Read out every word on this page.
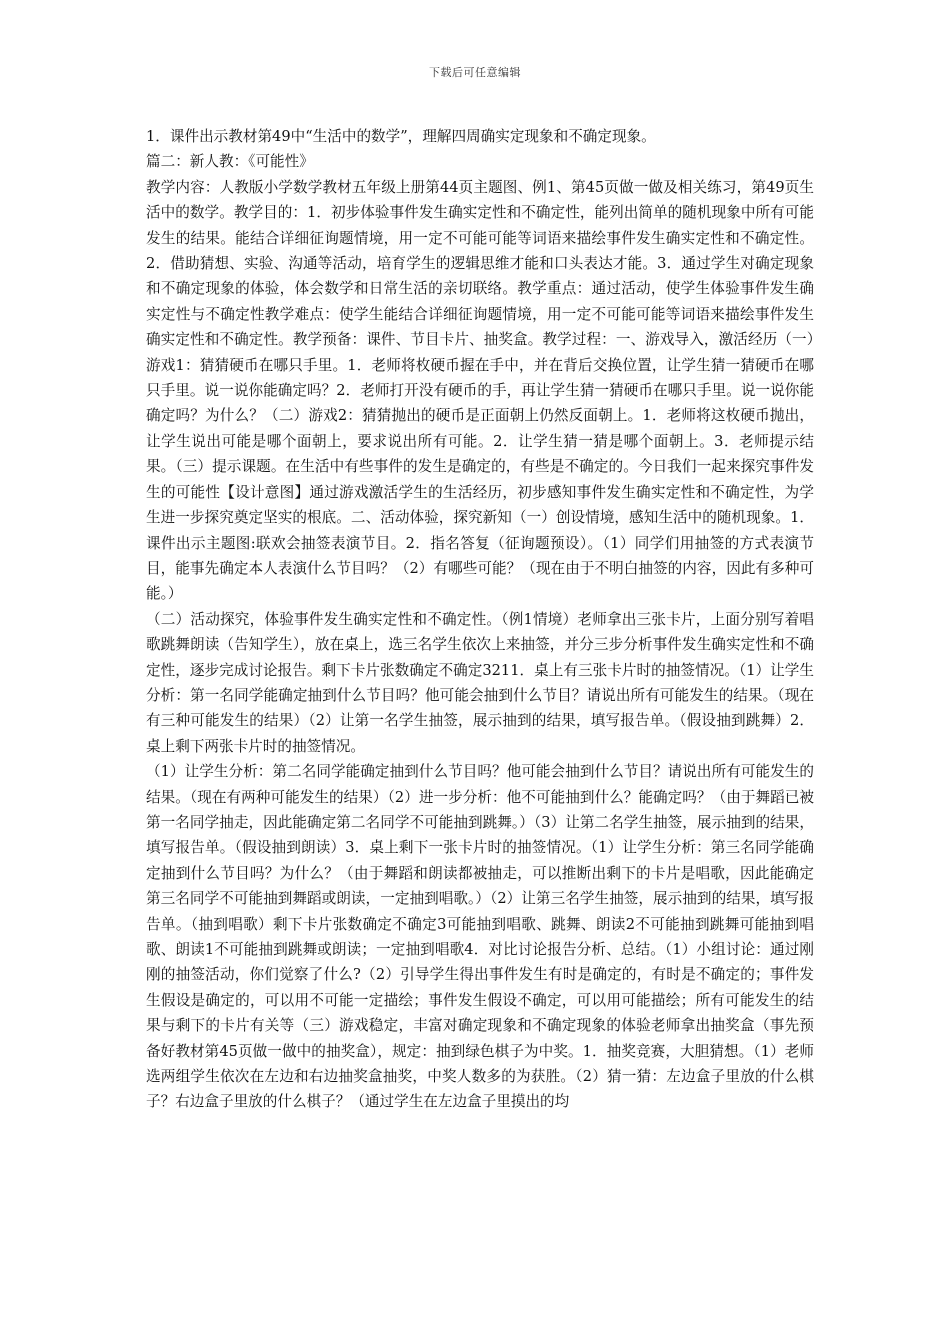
下载后可任意编辑

1．课件出示教材第49中“生活中的数学”，理解四周确实定现象和不确定现象。

篇二：新人教：《可能性》

教学内容：人教版小学数学教材五年级上册第44页主题图、例1、第45页做一做及相关练习，第49页生活中的数学。教学目的：1．初步体验事件发生确实定性和不确定性，能列出简单的随机现象中所有可能发生的结果。能结合详细征询题情境，用一定不可能可能等词语来描绘事件发生确实定性和不确定性。2．借助猜想、实验、沟通等活动，培育学生的逻辑思维才能和口头表达才能。3．通过学生对确定现象和不确定现象的体验，体会数学和日常生活的亲切联络。教学重点：通过活动，使学生体验事件发生确实定性与不确定性教学难点：使学生能结合详细征询题情境，用一定不可能可能等词语来描绘事件发生确实定性和不确定性。教学预备：课件、节目卡片、抽奖盒。教学过程：一、游戏导入，激活经历（一）游戏1：猜猜硬币在哪只手里。1．老师将枚硬币握在手中，并在背后交换位置，让学生猜一猜硬币在哪只手里。说一说你能确定吗？2．老师打开没有硬币的手，再让学生猜一猜硬币在哪只手里。说一说你能确定吗？为什么？（二）游戏2：猜猜抛出的硬币是正面朝上仍然反面朝上。1．老师将这枚硬币抛出，让学生说出可能是哪个面朝上，要求说出所有可能。2．让学生猜一猜是哪个面朝上。3．老师提示结果。（三）提示课题。在生活中有些事件的发生是确定的，有些是不确定的。今日我们一起来探究事件发生的可能性【设计意图】通过游戏激活学生的生活经历，初步感知事件发生确实定性和不确定性，为学生进一步探究奠定坚实的根底。二、活动体验，探究新知（一）创设情境，感知生活中的随机现象。1．课件出示主题图:联欢会抽签表演节目。2．指名答复（征询题预设）。（1）同学们用抽签的方式表演节目，能事先确定本人表演什么节目吗？（2）有哪些可能？（现在由于不明白抽签的内容，因此有多种可能。）

（二）活动探究，体验事件发生确实定性和不确定性。（例1情境）老师拿出三张卡片，上面分别写着唱歌跳舞朗读（告知学生），放在桌上，选三名学生依次上来抽签，并分三步分析事件发生确实定性和不确定性，逐步完成讨论报告。剩下卡片张数确定不确定3211．桌上有三张卡片时的抽签情况。（1）让学生分析：第一名同学能确定抽到什么节目吗？他可能会抽到什么节目？请说出所有可能发生的结果。（现在有三种可能发生的结果）（2）让第一名学生抽签，展示抽到的结果，填写报告单。（假设抽到跳舞）2．桌上剩下两张卡片时的抽签情况。

（1）让学生分析：第二名同学能确定抽到什么节目吗？他可能会抽到什么节目？请说出所有可能发生的结果。（现在有两种可能发生的结果）（2）进一步分析：他不可能抽到什么？能确定吗？（由于舞蹈已被第一名同学抽走，因此能确定第二名同学不可能抽到跳舞。）（3）让第二名学生抽签，展示抽到的结果，填写报告单。（假设抽到朗读）3．桌上剩下一张卡片时的抽签情况。（1）让学生分析：第三名同学能确定抽到什么节目吗？为什么？（由于舞蹈和朗读都被抽走，可以推断出剩下的卡片是唱歌，因此能确定第三名同学不可能抽到舞蹈或朗读，一定抽到唱歌。）（2）让第三名学生抽签，展示抽到的结果，填写报告单。（抽到唱歌）剩下卡片张数确定不确定3可能抽到唱歌、跳舞、朗读2不可能抽到跳舞可能抽到唱歌、朗读1不可能抽到跳舞或朗读；一定抽到唱歌4．对比讨论报告分析、总结。（1）小组讨论：通过刚刚的抽签活动，你们觉察了什么?（2）引导学生得出事件发生有时是确定的，有时是不确定的；事件发生假设是确定的，可以用不可能一定描绘；事件发生假设不确定，可以用可能描绘；所有可能发生的结果与剩下的卡片有关等（三）游戏稳定，丰富对确定现象和不确定现象的体验老师拿出抽奖盒（事先预备好教材第45页做一做中的抽奖盒），规定：抽到绿色棋子为中奖。1．抽奖竞赛，大胆猜想。（1）老师选两组学生依次在左边和右边抽奖盒抽奖，中奖人数多的为获胜。（2）猜一猜：左边盒子里放的什么棋子？右边盒子里放的什么棋子？（通过学生在左边盒子里摸出的均
